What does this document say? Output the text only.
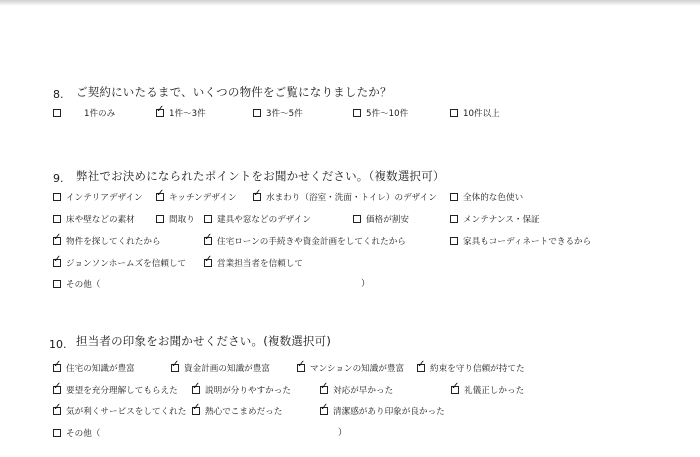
8. ご契約にいたるまで、いくつの物件をご覧になりましたか？
1件のみ	✓ 1件〜3件	3件〜5件	5件〜10件	10件以上
9. 弊社でお決めになられたポイントをお聞かせください。（複数選択可）
インテリアデザイン ✓ キッチンデザイン ✓ 水まわり（浴室・洗面・トイレ）のデザイン	全体的な色使い
床や壁などの素材	間取り	建具や窓などのデザイン	価格が割安	メンテナンス・保証
✓ 物件を探してくれたから	✓ 住宅ローンの手続きや資金計画をしてくれたから	家具もコーディネートできるから
✓ ジョンソンホームズを信頼して ✓ 営業担当者を信頼して
その他（	）
10. 担当者の印象をお聞かせください。(複数選択可)
✓ 住宅の知識が豊富	✓ 資金計画の知識が豊富	✓ マンションの知識が豊富 ✓ 約束を守り信頼が持てた
✓ 要望を充分理解してもらえた ✓ 説明が分りやすかった	✓ 対応が早かった	✓ 礼儀正しかった
✓ 気が利くサービスをしてくれた ✓ 熱心でこまめだった	✓ 清潔感があり印象が良かった
その他（	）
